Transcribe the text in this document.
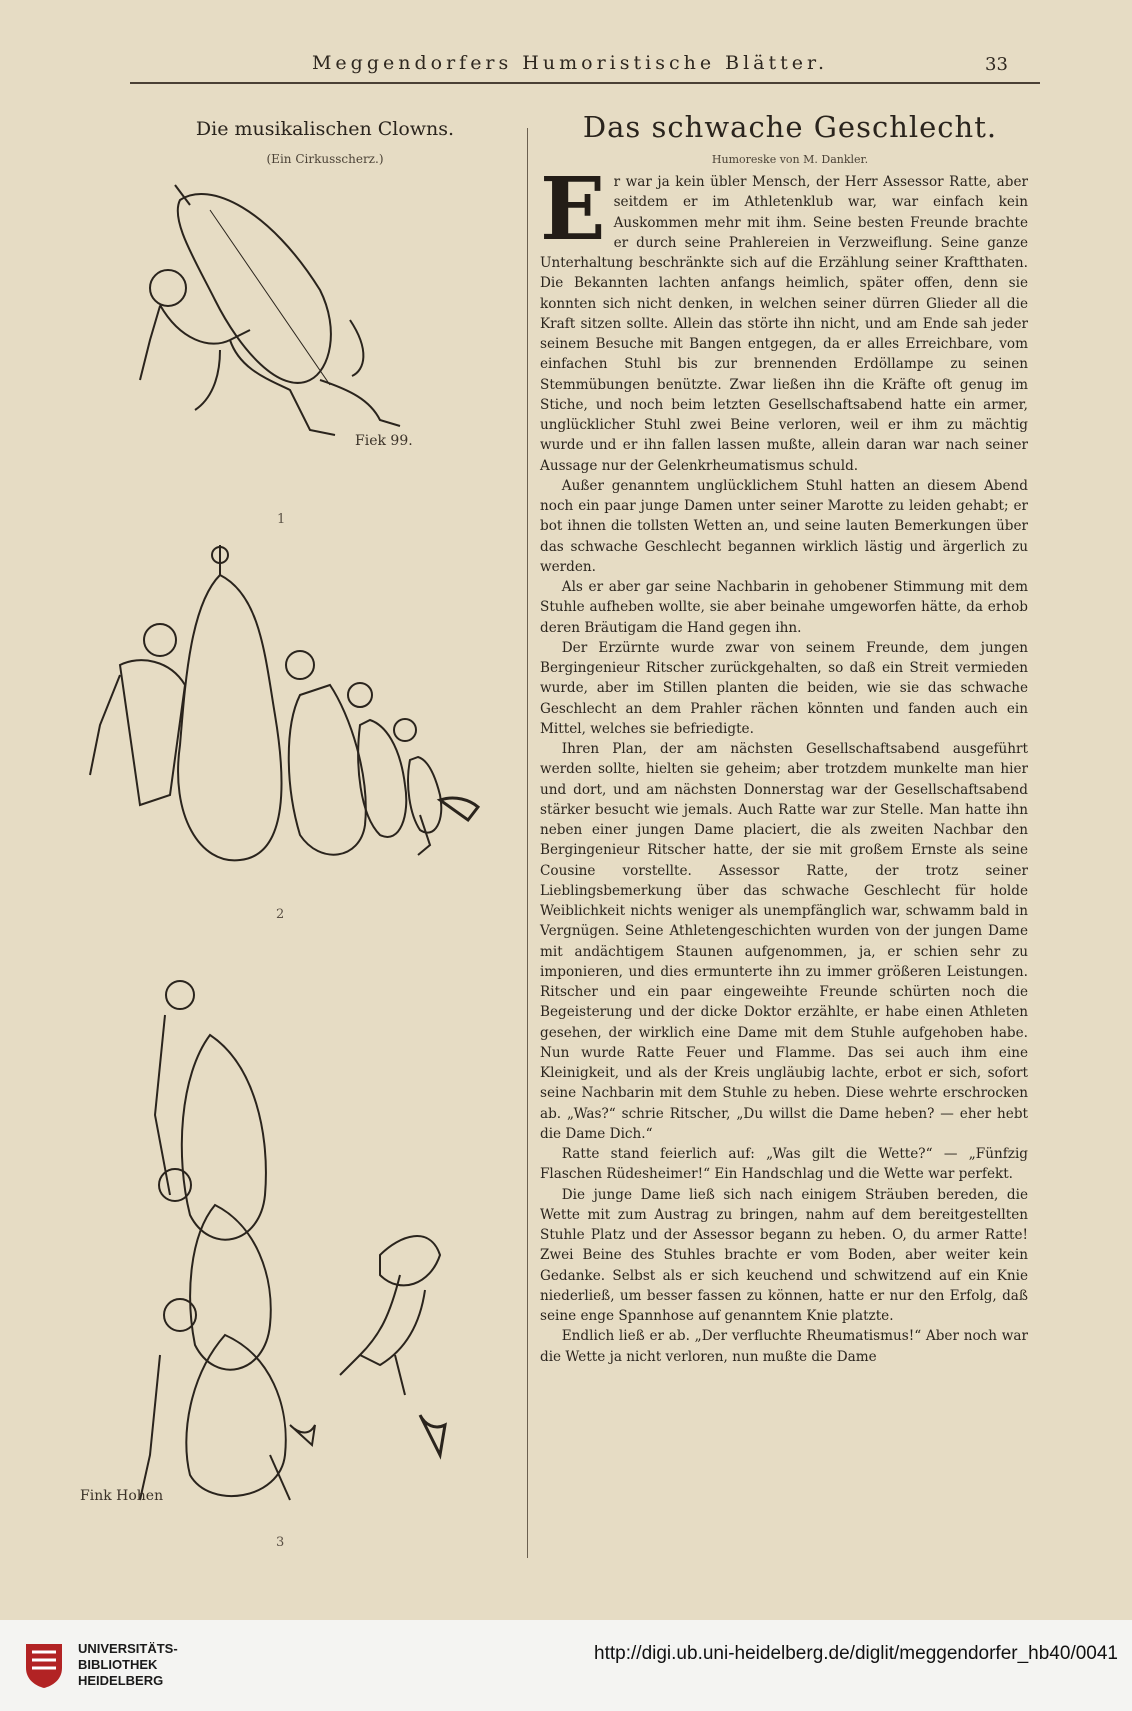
Meggendorfers Humoristische Blätter.	33
Die musikalischen Clowns.
(Ein Cirkusscherz.)
Fiek 99.
1
2
Fink Hohen
3
Das schwache Geschlecht.
Humoreske von M. Dankler.

Er war ja kein übler Mensch, der Herr Assessor Ratte, aber seitdem er im Athletenklub war, war einfach kein Auskommen mehr mit ihm. Seine besten Freunde brachte er durch seine Prahlereien in Verzweiflung. Seine ganze Unterhaltung beschränkte sich auf die Erzählung seiner Kraftthaten. Die Bekannten lachten anfangs heimlich, später offen, denn sie konnten sich nicht denken, in welchen seiner dürren Glieder all die Kraft sitzen sollte. Allein das störte ihn nicht, und am Ende sah jeder seinem Besuche mit Bangen entgegen, da er alles Erreichbare, vom einfachen Stuhl bis zur brennenden Erdöllampe zu seinen Stemmübungen benützte. Zwar ließen ihn die Kräfte oft genug im Stiche, und noch beim letzten Gesellschaftsabend hatte ein armer, unglücklicher Stuhl zwei Beine verloren, weil er ihm zu mächtig wurde und er ihn fallen lassen mußte, allein daran war nach seiner Aussage nur der Gelenkrheumatismus schuld.

Außer genanntem unglücklichem Stuhl hatten an diesem Abend noch ein paar junge Damen unter seiner Marotte zu leiden gehabt; er bot ihnen die tollsten Wetten an, und seine lauten Bemerkungen über das schwache Geschlecht begannen wirklich lästig und ärgerlich zu werden.

Als er aber gar seine Nachbarin in gehobener Stimmung mit dem Stuhle aufheben wollte, sie aber beinahe umgeworfen hätte, da erhob deren Bräutigam die Hand gegen ihn.

Der Erzürnte wurde zwar von seinem Freunde, dem jungen Bergingenieur Ritscher zurückgehalten, so daß ein Streit vermieden wurde, aber im Stillen planten die beiden, wie sie das schwache Geschlecht an dem Prahler rächen könnten und fanden auch ein Mittel, welches sie befriedigte.

Ihren Plan, der am nächsten Gesellschaftsabend ausgeführt werden sollte, hielten sie geheim; aber trotzdem munkelte man hier und dort, und am nächsten Donnerstag war der Gesellschaftsabend stärker besucht wie jemals. Auch Ratte war zur Stelle. Man hatte ihn neben einer jungen Dame placiert, die als zweiten Nachbar den Bergingenieur Ritscher hatte, der sie mit großem Ernste als seine Cousine vorstellte. Assessor Ratte, der trotz seiner Lieblingsbemerkung über das schwache Geschlecht für holde Weiblichkeit nichts weniger als unempfänglich war, schwamm bald in Vergnügen. Seine Athletengeschichten wurden von der jungen Dame mit andächtigem Staunen aufgenommen, ja, er schien sehr zu imponieren, und dies ermunterte ihn zu immer größeren Leistungen. Ritscher und ein paar eingeweihte Freunde schürten noch die Begeisterung und der dicke Doktor erzählte, er habe einen Athleten gesehen, der wirklich eine Dame mit dem Stuhle aufgehoben habe. Nun wurde Ratte Feuer und Flamme. Das sei auch ihm eine Kleinigkeit, und als der Kreis ungläubig lachte, erbot er sich, sofort seine Nachbarin mit dem Stuhle zu heben. Diese wehrte erschrocken ab. „Was?“ schrie Ritscher, „Du willst die Dame heben? — eher hebt die Dame Dich.“

Ratte stand feierlich auf: „Was gilt die Wette?“ — „Fünfzig Flaschen Rüdesheimer!“ Ein Handschlag und die Wette war perfekt.

Die junge Dame ließ sich nach einigem Sträuben bereden, die Wette mit zum Austrag zu bringen, nahm auf dem bereitgestellten Stuhle Platz und der Assessor begann zu heben. O, du armer Ratte! Zwei Beine des Stuhles brachte er vom Boden, aber weiter kein Gedanke. Selbst als er sich keuchend und schwitzend auf ein Knie niederließ, um besser fassen zu können, hatte er nur den Erfolg, daß seine enge Spannhose auf genanntem Knie platzte.

Endlich ließ er ab. „Der verfluchte Rheumatismus!“ Aber noch war die Wette ja nicht verloren, nun mußte die Dame

UNIVERSITÄTS-
BIBLIOTHEK
HEIDELBERG
http://digi.ub.uni-heidelberg.de/diglit/meggendorfer_hb40/0041
